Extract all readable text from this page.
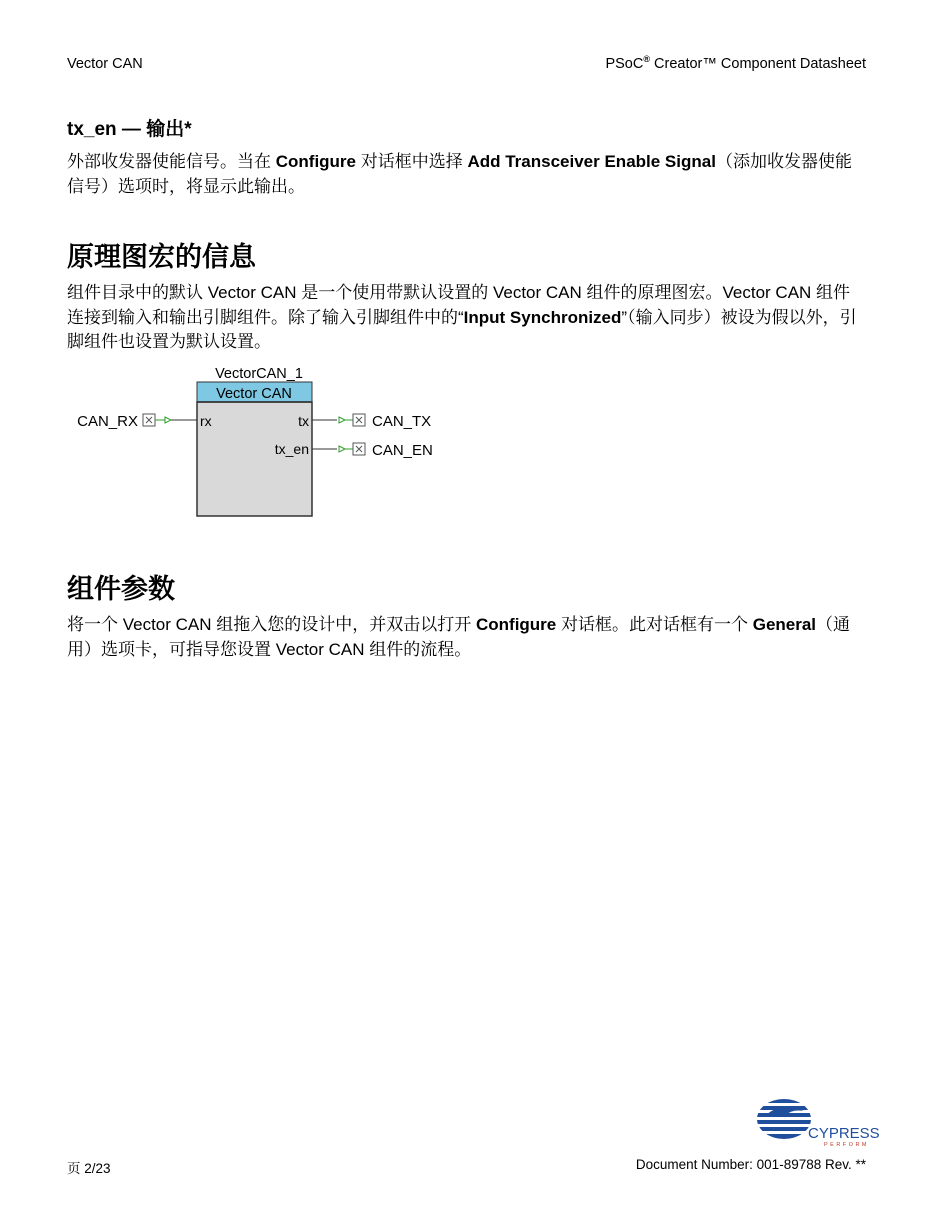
Vector CAN	PSoC® Creator™ Component Datasheet
tx_en — 输出*
外部收发器使能信号。当在 Configure 对话框中选择 Add Transceiver Enable Signal（添加收发器使能信号）选项时，将显示此输出。
原理图宏的信息
组件目录中的默认 Vector CAN 是一个使用带默认设置的 Vector CAN 组件的原理图宏。Vector CAN 组件连接到输入和输出引脚组件。除了输入引脚组件中的“Input Synchronized”（输入同步）被设为假以外，引脚组件也设置为默认设置。
VectorCAN_1
Vector CAN
rx	tx
tx_en
CAN_RX	CAN_TX
CAN_EN
组件参数
将一个 Vector CAN 组拖入您的设计中，并双击以打开 Configure 对话框。此对话框有一个 General（通用）选项卡，可指导您设置 Vector CAN 组件的流程。
CYPRESS
PERFORM
页 2/23	Document Number: 001-89788 Rev. **
